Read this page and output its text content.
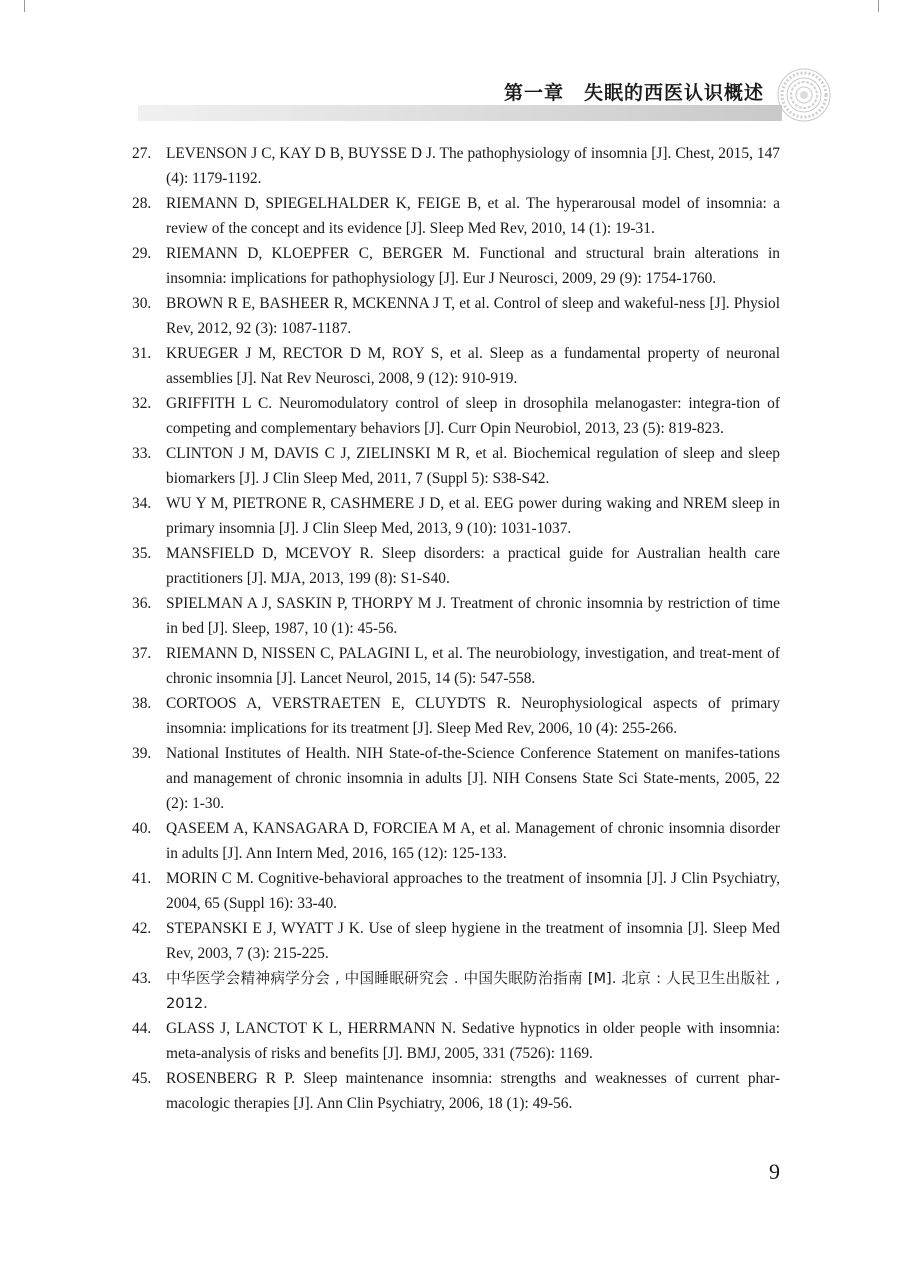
第一章　失眠的西医认识概述
27. LEVENSON J C, KAY D B, BUYSSE D J. The pathophysiology of insomnia [J]. Chest, 2015, 147 (4): 1179-1192.
28. RIEMANN D, SPIEGELHALDER K, FEIGE B, et al. The hyperarousal model of insomnia: a review of the concept and its evidence [J]. Sleep Med Rev, 2010, 14 (1): 19-31.
29. RIEMANN D, KLOEPFER C, BERGER M. Functional and structural brain alterations in insomnia: implications for pathophysiology [J]. Eur J Neurosci, 2009, 29 (9): 1754-1760.
30. BROWN R E, BASHEER R, MCKENNA J T, et al. Control of sleep and wakeful-ness [J]. Physiol Rev, 2012, 92 (3): 1087-1187.
31. KRUEGER J M, RECTOR D M, ROY S, et al. Sleep as a fundamental property of neuronal assemblies [J]. Nat Rev Neurosci, 2008, 9 (12): 910-919.
32. GRIFFITH L C. Neuromodulatory control of sleep in drosophila melanogaster: integra-tion of competing and complementary behaviors [J]. Curr Opin Neurobiol, 2013, 23 (5): 819-823.
33. CLINTON J M, DAVIS C J, ZIELINSKI M R, et al. Biochemical regulation of sleep and sleep biomarkers [J]. J Clin Sleep Med, 2011, 7 (Suppl 5): S38-S42.
34. WU Y M, PIETRONE R, CASHMERE J D, et al. EEG power during waking and NREM sleep in primary insomnia [J]. J Clin Sleep Med, 2013, 9 (10): 1031-1037.
35. MANSFIELD D, MCEVOY R. Sleep disorders: a practical guide for Australian health care practitioners [J]. MJA, 2013, 199 (8): S1-S40.
36. SPIELMAN A J, SASKIN P, THORPY M J. Treatment of chronic insomnia by restriction of time in bed [J]. Sleep, 1987, 10 (1): 45-56.
37. RIEMANN D, NISSEN C, PALAGINI L, et al. The neurobiology, investigation, and treat-ment of chronic insomnia [J]. Lancet Neurol, 2015, 14 (5): 547-558.
38. CORTOOS A, VERSTRAETEN E, CLUYDTS R. Neurophysiological aspects of primary insomnia: implications for its treatment [J]. Sleep Med Rev, 2006, 10 (4): 255-266.
39. National Institutes of Health. NIH State-of-the-Science Conference Statement on manifes-tations and management of chronic insomnia in adults [J]. NIH Consens State Sci State-ments, 2005, 22 (2): 1-30.
40. QASEEM A, KANSAGARA D, FORCIEA M A, et al. Management of chronic insomnia disorder in adults [J]. Ann Intern Med, 2016, 165 (12): 125-133.
41. MORIN C M. Cognitive-behavioral approaches to the treatment of insomnia [J]. J Clin Psychiatry, 2004, 65 (Suppl 16): 33-40.
42. STEPANSKI E J, WYATT J K. Use of sleep hygiene in the treatment of insomnia [J]. Sleep Med Rev, 2003, 7 (3): 215-225.
43.	中华医学会精神病学分会 , 中国睡眠研究会 . 中国失眠防治指南 [M]. 北京 : 人民卫生出版社 , 2012.
44. GLASS J, LANCTOT K L, HERRMANN N. Sedative hypnotics in older people with insomnia: meta-analysis of risks and benefits [J]. BMJ, 2005, 331 (7526): 1169.
45. ROSENBERG R P. Sleep maintenance insomnia: strengths and weaknesses of current phar-macologic therapies [J]. Ann Clin Psychiatry, 2006, 18 (1): 49-56.
9
